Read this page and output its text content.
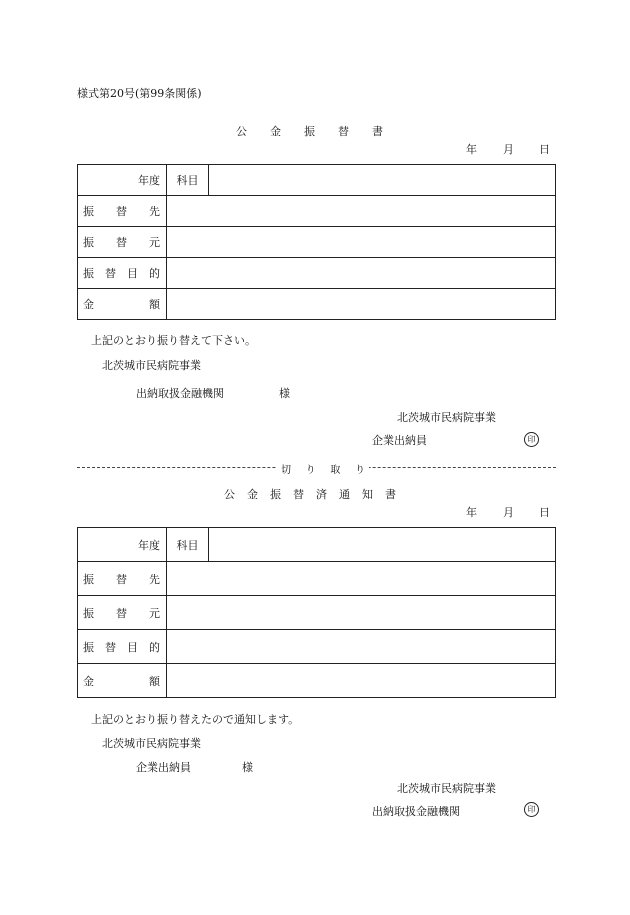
様式第20号(第99条関係)
公 金 振 替 書
年 月 日
年度	科目	

振 替 先		

振 替 元		

振 替 目 的		

金 額		

上記のとおり振り替えて下さい。
北茨城市民病院事業
出納取扱金融機関	様
北茨城市民病院事業
企業出納員	印
切 り 取 り
公 金 振 替 済 通 知 書
年 月 日
年度	科目	

振 替 先		

振 替 元		

振 替 目 的		

金 額		

上記のとおり振り替えたので通知します。
北茨城市民病院事業
企業出納員	様
北茨城市民病院事業
出納取扱金融機関	印
